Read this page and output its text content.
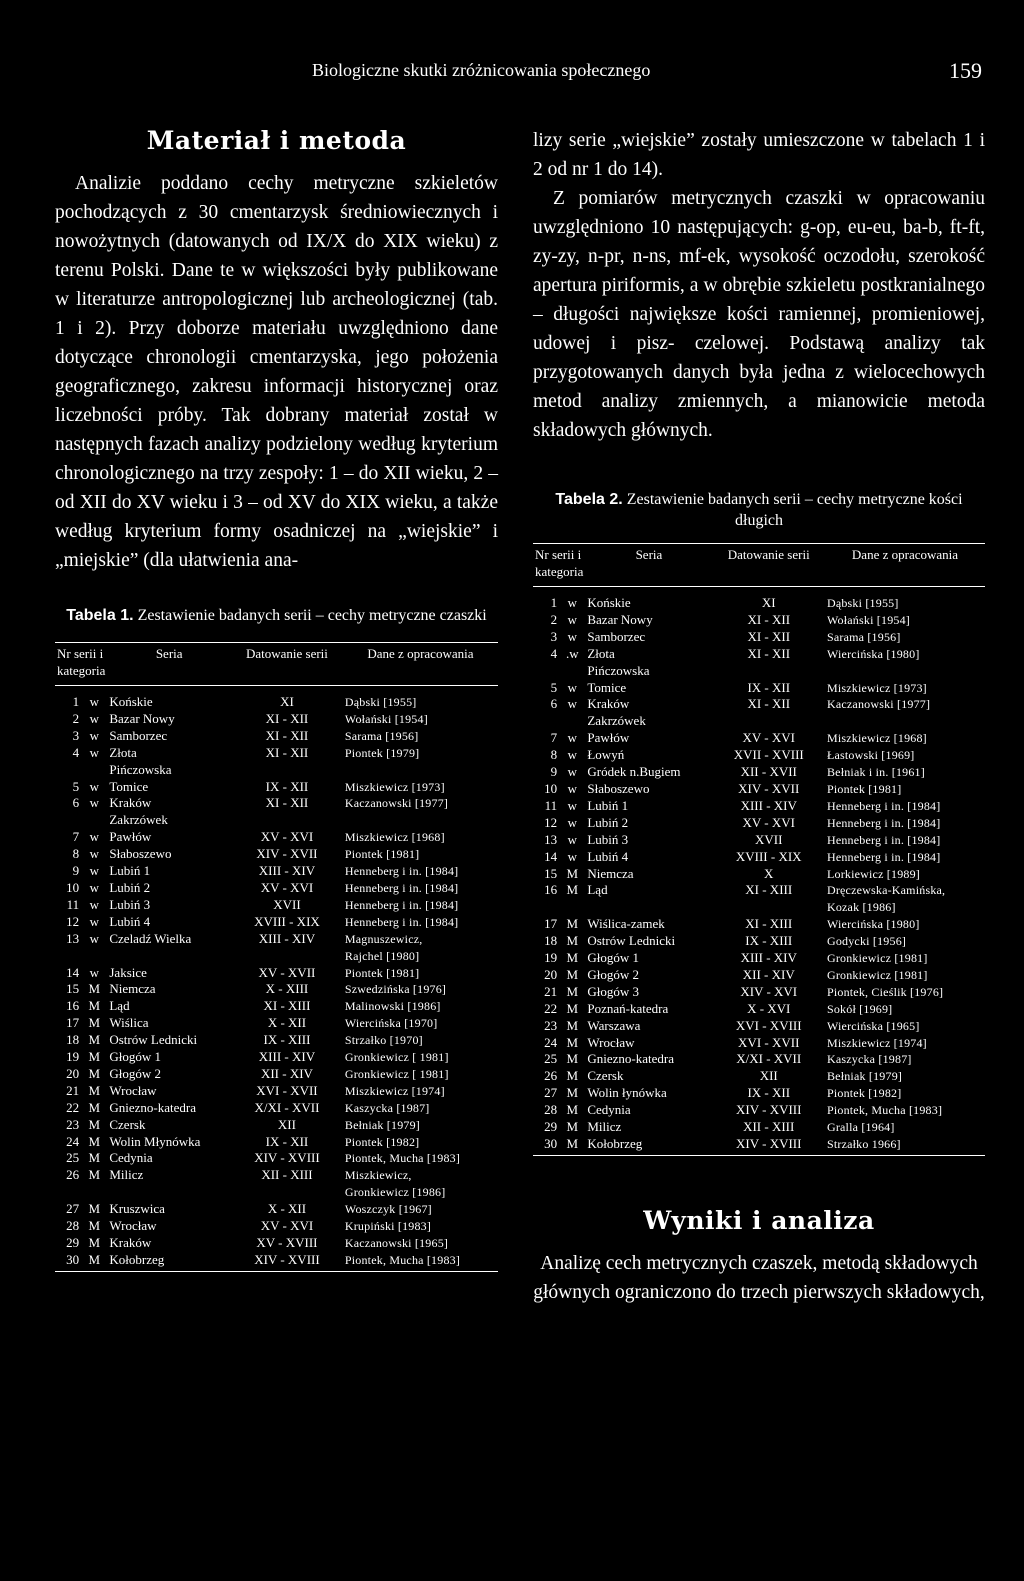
Biologiczne skutki zróżnicowania społecznego	159
Materiał i metoda

Analizie poddano cechy metryczne szkieletów pochodzących z 30 cmentarzysk średniowiecznych i nowożytnych (datowanych od IX/X do XIX wieku) z terenu Polski. Dane te w większości były publikowane w literaturze antropologicznej lub archeologicznej (tab. 1 i 2). Przy doborze materiału uwzględniono dane dotyczące chronologii cmentarzyska, jego położenia geograficznego, zakresu informacji historycznej oraz liczebności próby. Tak dobrany materiał został w następnych fazach analizy podzielony według kryterium chronologicznego na trzy zespoły: 1 – do XII wieku, 2 – od XII do XV wieku i 3 – od XV do XIX wieku, a także według kryterium formy osadniczej na „wiejskie” i „miejskie” (dla ułatwienia ana-

Tabela 1. Zestawienie badanych serii – cechy metryczne czaszki

Nr serii i kategoria		Seria	Datowanie serii	Dane z opracowania
1	w	Końskie	XI	Dąbski [1955]
2	w	Bazar Nowy	XI - XII	Wołański [1954]
3	w	Samborzec	XI - XII	Sarama [1956]
4	w	Złota	XI - XII	Piontek [1979]
		Pińczowska		
5	w	Tomice	IX - XII	Miszkiewicz [1973]
6	w	Kraków	XI - XII	Kaczanowski [1977]
		Zakrzówek		
7	w	Pawłów	XV - XVI	Miszkiewicz [1968]
8	w	Słaboszewo	XIV - XVII	Piontek [1981]
9	w	Lubiń 1	XIII - XIV	Henneberg i in. [1984]
10	w	Lubiń 2	XV - XVI	Henneberg i in. [1984]
11	w	Lubiń 3	XVII	Henneberg i in. [1984]
12	w	Lubiń 4	XVIII - XIX	Henneberg i in. [1984]
13	w	Czeladź Wielka	XIII - XIV	Magnuszewicz,
				Rajchel [1980]
14	w	Jaksice	XV - XVII	Piontek [1981]
15	M	Niemcza	X - XIII	Szwedzińska [1976]
16	M	Ląd	XI - XIII	Malinowski [1986]
17	M	Wiślica	X - XII	Wiercińska [1970]
18	M	Ostrów Lednicki	IX - XIII	Strzałko [1970]
19	M	Głogów 1	XIII - XIV	Gronkiewicz [ 1981]
20	M	Głogów 2	XII - XIV	Gronkiewicz [ 1981]
21	M	Wrocław	XVI - XVII	Miszkiewicz [1974]
22	M	Gniezno-katedra	X/XI - XVII	Kaszycka [1987]
23	M	Czersk	XII	Bełniak [1979]
24	M	Wolin Młynówka	IX - XII	Piontek [1982]
25	M	Cedynia	XIV - XVIII	Piontek, Mucha [1983]
26	M	Milicz	XII - XIII	Miszkiewicz,
				Gronkiewicz [1986]
27	M	Kruszwica	X - XII	Woszczyk [1967]
28	M	Wrocław	XV - XVI	Krupiński [1983]
29	M	Kraków	XV - XVIII	Kaczanowski [1965]
30	M	Kołobrzeg	XIV - XVIII	Piontek, Mucha [1983]

lizy serie „wiejskie” zostały umieszczone w tabelach 1 i 2 od nr 1 do 14).

Z pomiarów metrycznych czaszki w opracowaniu uwzględniono 10 następujących: g-op, eu-eu, ba-b, ft-ft, zy-zy, n-pr, n-ns, mf-ek, wysokość oczodołu, szerokość apertura piriformis, a w obrębie szkieletu postkranialnego – długości największe kości ramiennej, promieniowej, udowej i pisz- czelowej. Podstawą analizy tak przygotowanych danych była jedna z wielocechowych metod analizy zmiennych, a mianowicie metoda składowych głównych.

Tabela 2. Zestawienie badanych serii – cechy metryczne kości długich

Nr serii i kategoria		Seria	Datowanie serii	Dane z opracowania
1	w	Końskie	XI	Dąbski [1955]
2	w	Bazar Nowy	XI - XII	Wołański [1954]
3	w	Samborzec	XI - XII	Sarama [1956]
4	.w	Złota	XI - XII	Wiercińska [1980]
		Pińczowska		
5	w	Tomice	IX - XII	Miszkiewicz [1973]
6	w	Kraków	XI - XII	Kaczanowski [1977]
		Zakrzówek		
7	w	Pawłów	XV - XVI	Miszkiewicz [1968]
8	w	Łowyń	XVII - XVIII	Łastowski [1969]
9	w	Gródek n.Bugiem	XII - XVII	Bełniak i in. [1961]
10	w	Słaboszewo	XIV - XVII	Piontek [1981]
11	w	Lubiń 1	XIII - XIV	Henneberg i in. [1984]
12	w	Lubiń 2	XV - XVI	Henneberg i in. [1984]
13	w	Lubiń 3	XVII	Henneberg i in. [1984]
14	w	Lubiń 4	XVIII - XIX	Henneberg i in. [1984]
15	M	Niemcza	X	Lorkiewicz [1989]
16	M	Ląd	XI - XIII	Dręczewska-Kamińska,
				Kozak [1986]
17	M	Wiślica-zamek	XI - XIII	Wiercińska [1980]
18	M	Ostrów Lednicki	IX - XIII	Godycki [1956]
19	M	Głogów 1	XIII - XIV	Gronkiewicz [1981]
20	M	Głogów 2	XII - XIV	Gronkiewicz [1981]
21	M	Głogów 3	XIV - XVI	Piontek, Cieślik [1976]
22	M	Poznań-katedra	X - XVI	Sokół [1969]
23	M	Warszawa	XVI - XVIII	Wiercińska [1965]
24	M	Wrocław	XVI - XVII	Miszkiewicz [1974]
25	M	Gniezno-katedra	X/XI - XVII	Kaszycka [1987]
26	M	Czersk	XII	Bełniak [1979]
27	M	Wolin łynówka	IX - XII	Piontek [1982]
28	M	Cedynia	XIV - XVIII	Piontek, Mucha [1983]
29	M	Milicz	XII - XIII	Gralla [1964]
30	M	Kołobrzeg	XIV - XVIII	Strzałko 1966]
Wyniki i analiza

Analizę cech metrycznych czaszek, metodą składowych głównych ograniczono do trzech pierwszych składowych,
